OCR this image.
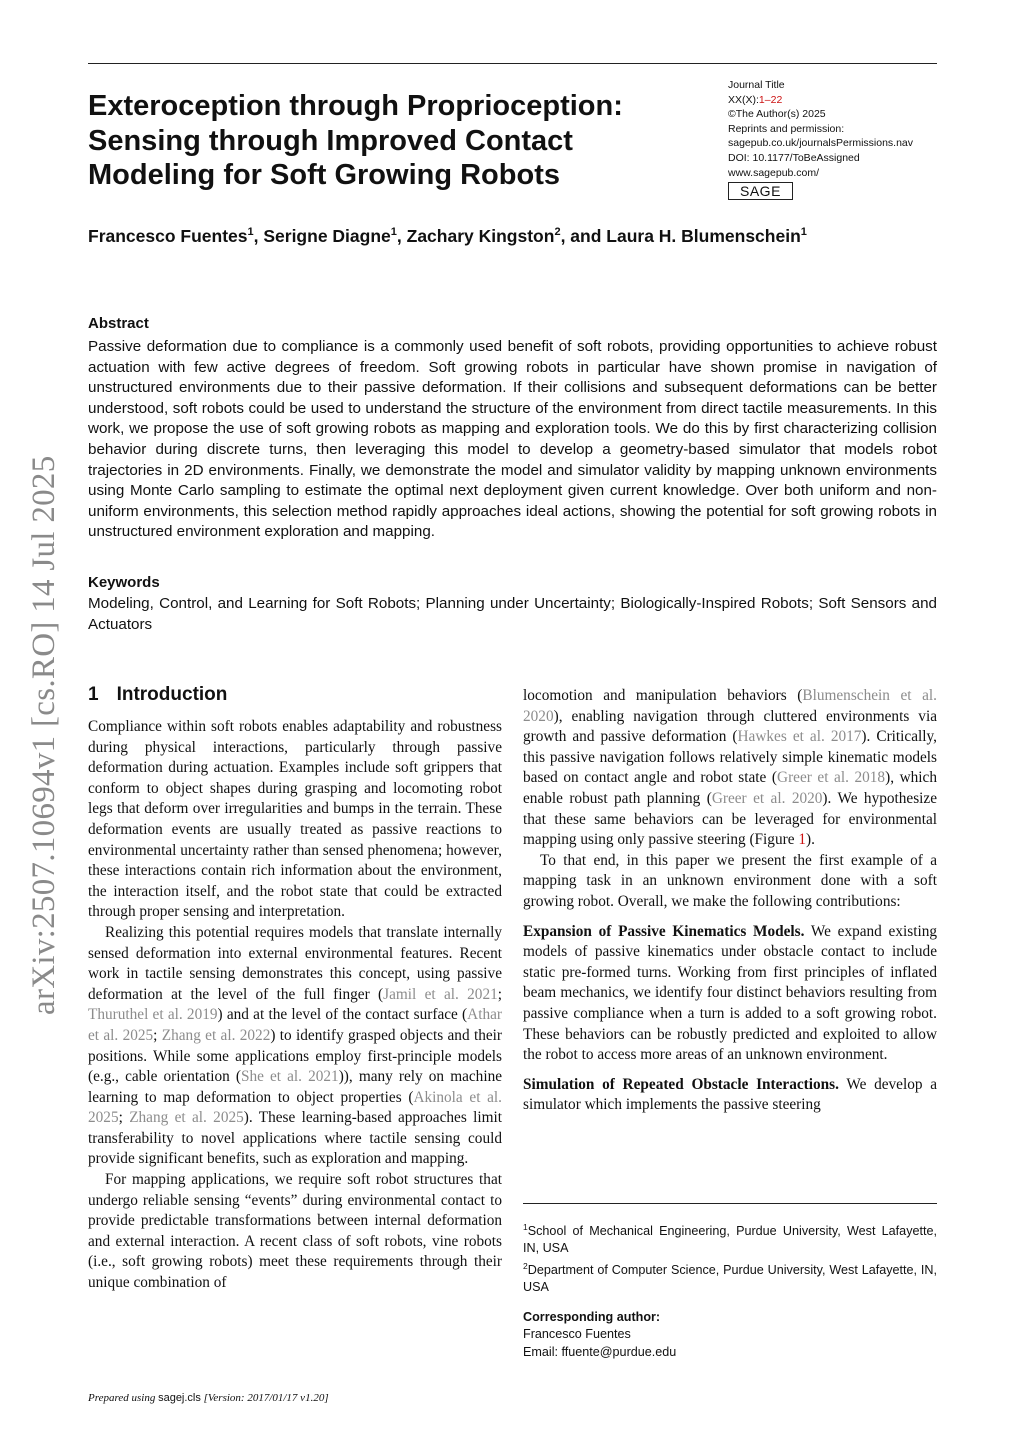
Exteroception through Proprioception:
Sensing through Improved Contact
Modeling for Soft Growing Robots
Journal Title
XX(X):1–22
©The Author(s) 2025
Reprints and permission:
sagepub.co.uk/journalsPermissions.nav
DOI: 10.1177/ToBeAssigned
www.sagepub.com/
SAGE
Francesco Fuentes$^1$, Serigne Diagne$^1$, Zachary Kingston$^2$, and Laura H. Blumenschein$^1$
Abstract

Passive deformation due to compliance is a commonly used benefit of soft robots, providing opportunities to achieve robust actuation with few active degrees of freedom. Soft growing robots in particular have shown promise in navigation of unstructured environments due to their passive deformation. If their collisions and subsequent deformations can be better understood, soft robots could be used to understand the structure of the environment from direct tactile measurements. In this work, we propose the use of soft growing robots as mapping and exploration tools. We do this by first characterizing collision behavior during discrete turns, then leveraging this model to develop a geometry-based simulator that models robot trajectories in 2D environments. Finally, we demonstrate the model and simulator validity by mapping unknown environments using Monte Carlo sampling to estimate the optimal next deployment given current knowledge. Over both uniform and non-uniform environments, this selection method rapidly approaches ideal actions, showing the potential for soft growing robots in unstructured environment exploration and mapping.

Keywords

Modeling, Control, and Learning for Soft Robots; Planning under Uncertainty; Biologically-Inspired Robots; Soft Sensors and Actuators

arXiv:2507.10694v1 [cs.RO] 14 Jul 2025 1 Introduction

Compliance within soft robots enables adaptability and robustness during physical interactions, particularly through passive deformation during actuation. Examples include soft grippers that conform to object shapes during grasping and locomoting robot legs that deform over irregularities and bumps in the terrain. These deformation events are usually treated as passive reactions to environmental uncertainty rather than sensed phenomena; however, these interactions contain rich information about the environment, the interaction itself, and the robot state that could be extracted through proper sensing and interpretation.

Realizing this potential requires models that translate internally sensed deformation into external environmental features. Recent work in tactile sensing demonstrates this concept, using passive deformation at the level of the full finger (Jamil et al. 2021; Thuruthel et al. 2019) and at the level of the contact surface (Athar et al. 2025; Zhang et al. 2022) to identify grasped objects and their positions. While some applications employ first-principle models (e.g., cable orientation (She et al. 2021)), many rely on machine learning to map deformation to object properties (Akinola et al. 2025; Zhang et al. 2025). These learning-based approaches limit transferability to novel applications where tactile sensing could provide significant benefits, such as exploration and mapping.

For mapping applications, we require soft robot structures that undergo reliable sensing “events” during environmental contact to provide predictable transformations between internal deformation and external interaction. A recent class of soft robots, vine robots (i.e., soft growing robots) meet these requirements through their unique combination of

locomotion and manipulation behaviors (Blumenschein et al. 2020), enabling navigation through cluttered environments via growth and passive deformation (Hawkes et al. 2017). Critically, this passive navigation follows relatively simple kinematic models based on contact angle and robot state (Greer et al. 2018), which enable robust path planning (Greer et al. 2020). We hypothesize that these same behaviors can be leveraged for environmental mapping using only passive steering (Figure 1).

To that end, in this paper we present the first example of a mapping task in an unknown environment done with a soft growing robot. Overall, we make the following contributions:

Expansion of Passive Kinematics Models. We expand existing models of passive kinematics under obstacle contact to include static pre-formed turns. Working from first principles of inflated beam mechanics, we identify four distinct behaviors resulting from passive compliance when a turn is added to a soft growing robot. These behaviors can be robustly predicted and exploited to allow the robot to access more areas of an unknown environment.

Simulation of Repeated Obstacle Interactions. We develop a simulator which implements the passive steering

$^1$School of Mechanical Engineering, Purdue University, West Lafayette, IN, USA

$^2$Department of Computer Science, Purdue University, West Lafayette, IN, USA

Corresponding author:

Francesco Fuentes

Email: ffuente@purdue.edu

Prepared using sagej.cls [Version: 2017/01/17 v1.20]
